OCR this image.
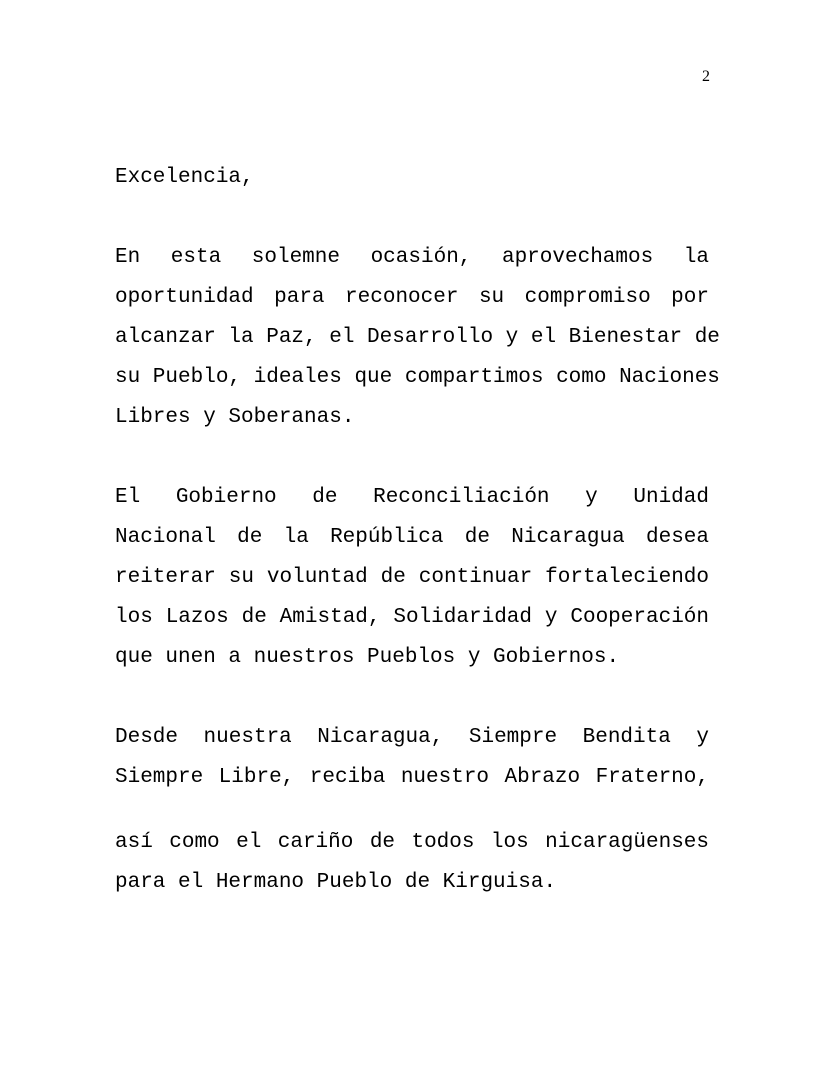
2
Excelencia,
En esta solemne ocasión, aprovechamos la
oportunidad para reconocer su compromiso por
alcanzar la Paz, el Desarrollo y el Bienestar de
su Pueblo, ideales que compartimos como Naciones
Libres y Soberanas.
El Gobierno de Reconciliación y Unidad
Nacional de la República de Nicaragua desea
reiterar su voluntad de continuar fortaleciendo
los Lazos de Amistad, Solidaridad y Cooperación
que unen a nuestros Pueblos y Gobiernos.
Desde nuestra Nicaragua, Siempre Bendita y
Siempre Libre, reciba nuestro Abrazo Fraterno,
así como el cariño de todos los nicaragüenses
para el Hermano Pueblo de Kirguisa.
